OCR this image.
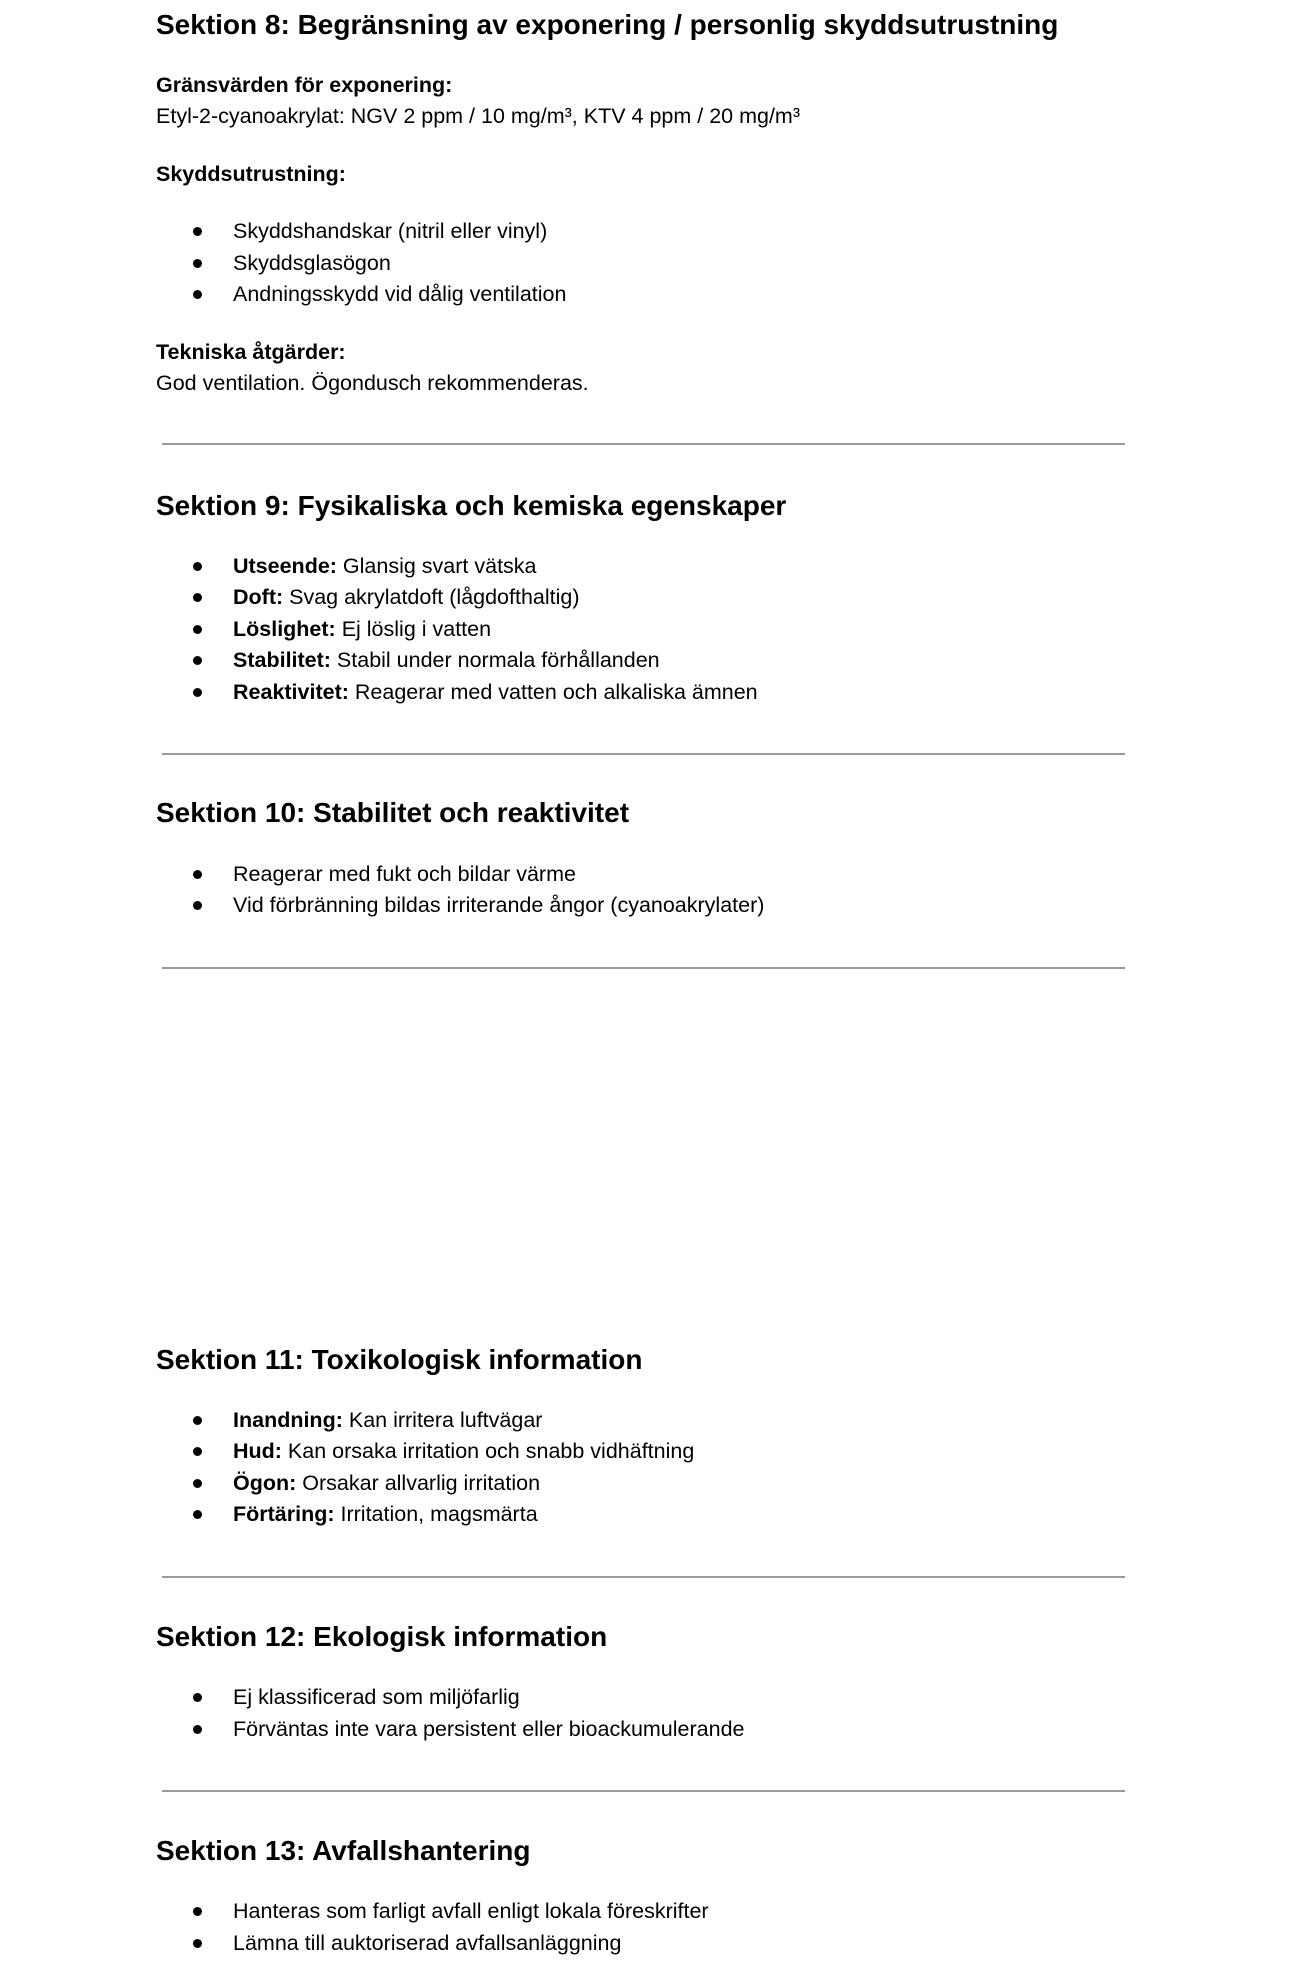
Sektion 8: Begränsning av exponering / personlig skyddsutrustning
Gränsvärden för exponering:
Etyl-2-cyanoakrylat: NGV 2 ppm / 10 mg/m³, KTV 4 ppm / 20 mg/m³
Skyddsutrustning:
Skyddshandskar (nitril eller vinyl)
Skyddsglasögon
Andningsskydd vid dålig ventilation
Tekniska åtgärder:
God ventilation. Ögondusch rekommenderas.
Sektion 9: Fysikaliska och kemiska egenskaper
Utseende: Glansig svart vätska
Doft: Svag akrylatdoft (lågdofthaltig)
Löslighet: Ej löslig i vatten
Stabilitet: Stabil under normala förhållanden
Reaktivitet: Reagerar med vatten och alkaliska ämnen
Sektion 10: Stabilitet och reaktivitet
Reagerar med fukt och bildar värme
Vid förbränning bildas irriterande ångor (cyanoakrylater)
Sektion 11: Toxikologisk information
Inandning: Kan irritera luftvägar
Hud: Kan orsaka irritation och snabb vidhäftning
Ögon: Orsakar allvarlig irritation
Förtäring: Irritation, magsmärta
Sektion 12: Ekologisk information
Ej klassificerad som miljöfarlig
Förväntas inte vara persistent eller bioackumulerande
Sektion 13: Avfallshantering
Hanteras som farligt avfall enligt lokala föreskrifter
Lämna till auktoriserad avfallsanläggning
